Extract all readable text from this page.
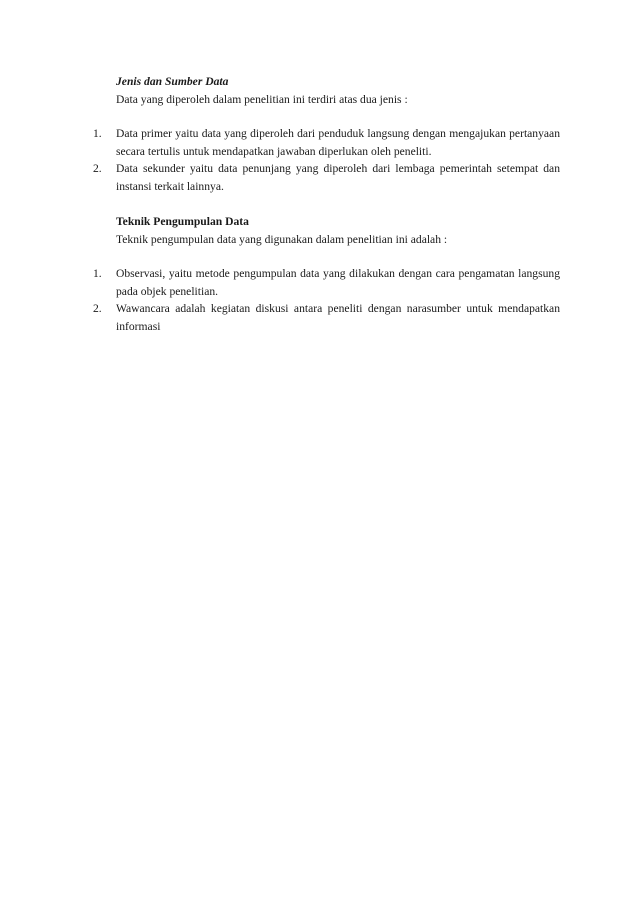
Jenis dan Sumber Data

Data yang diperoleh dalam penelitian ini terdiri atas dua jenis :

1.	Data primer yaitu data yang diperoleh dari penduduk langsung dengan mengajukan pertanyaan secara tertulis untuk mendapatkan jawaban diperlukan oleh peneliti.
2.	Data sekunder yaitu data penunjang yang diperoleh dari lembaga pemerintah setempat dan instansi terkait lainnya.

Teknik Pengumpulan Data

Teknik pengumpulan data yang digunakan dalam penelitian ini adalah :

1.	Observasi, yaitu metode pengumpulan data yang dilakukan dengan cara pengamatan langsung pada objek penelitian.
2.	Wawancara adalah kegiatan diskusi antara peneliti dengan narasumber untuk mendapatkan informasi
